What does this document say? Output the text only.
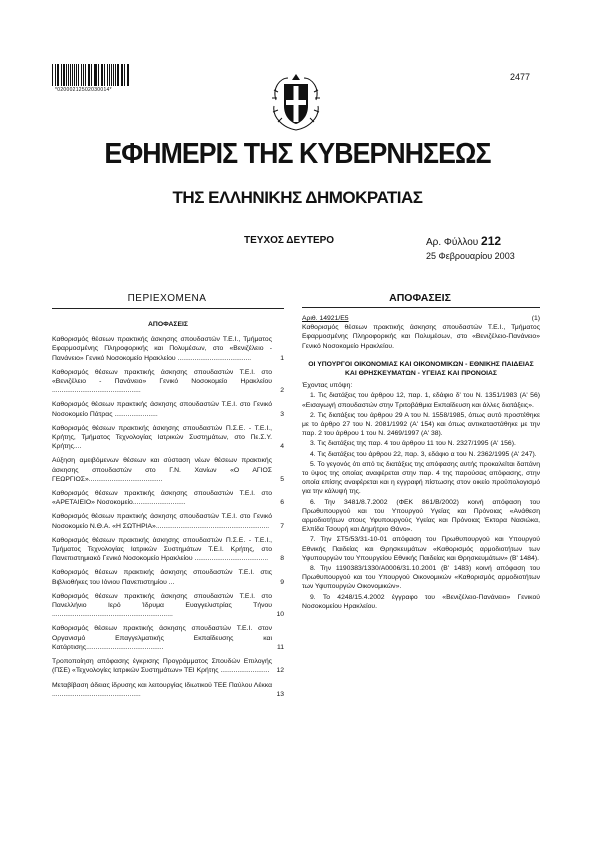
*02000212502030014*
2477
ΕΦΗΜΕΡΙΣ ΤΗΣ ΚΥΒΕΡΝΗΣΕΩΣ
ΤΗΣ ΕΛΛΗΝΙΚΗΣ ΔΗΜΟΚΡΑΤΙΑΣ
ΤΕΥΧΟΣ ΔΕΥΤΕΡΟ	Αρ. Φύλλου 212
25 Φεβρουαρίου 2003
ΠΕΡΙΕΧΟΜΕΝΑ	ΑΠΟΦΑΣΕΙΣ
ΑΠΟΦΑΣΕΙΣ
Καθορισμός θέσεων πρακτικής άσκησης σπουδαστών Τ.Ε.Ι., Τμήματος Εφαρμοσμένης Πληροφορικής και Πολυμέσων, στο «Βενιζέλειο - Πανάνειο» Γενικό Νοσοκομείο Ηρακλείου .......................................	1
Καθορισμός θέσεων πρακτικής άσκησης σπουδαστών Τ.Ε.Ι. στο «Βενιζέλειο - Πανάνειο» Γενικό Νοσοκομείο Ηρακλείου ...............................................	2
Καθορισμός θέσεων πρακτικής άσκησης σπουδαστών Τ.Ε.Ι. στο Γενικό Νοσοκομείο Πάτρας .......................	3
Καθορισμός θέσεων πρακτικής άσκησης σπουδαστών Π.Σ.Ε. - Τ.Ε.Ι., Κρήτης, Τμήματος Τεχνολογίας Ιατρικών Συστημάτων, στο Πε.Σ.Υ. Κρήτης....	4
Αύξηση αμειβόμενων θέσεων και σύσταση νέων θέσεων πρακτικής άσκησης σπουδαστών στο Γ.Ν. Χανίων «Ο ΑΓΙΟΣ ΓΕΩΡΓΙΟΣ».......................................	5
Καθορισμός θέσεων πρακτικής άσκησης σπουδαστών Τ.Ε.Ι. στο «ΑΡΕΤΑΙΕΙΟ» Νοσοκομείο............................	6
Καθορισμός θέσεων πρακτικής άσκησης σπουδαστών Τ.Ε.Ι. στο Γενικό Νοσοκομείο Ν.Θ.Α. «Η ΣΩΤΗΡΙΑ»............................................................	7
Καθορισμός θέσεων πρακτικής άσκησης σπουδαστών Π.Σ.Ε. - Τ.Ε.Ι., Τμήματος Τεχνολογίας Ιατρικών Συστημάτων Τ.Ε.Ι. Κρήτης, στο Πανεπιστημιακό Γενικό Νοσοκομείο Ηρακλείου .......................................	8
Καθορισμός θέσεων πρακτικής άσκησης σπουδαστών Τ.Ε.Ι. στις Βιβλιοθήκες του Ιόνιου Πανεπιστημίου ...	9
Καθορισμός θέσεων πρακτικής άσκησης σπουδαστών Τ.Ε.Ι. στο Πανελλήνιο Ιερό Ίδρυμα Ευαγγελιστρίας Τήνου ................................................................	10
Καθορισμός θέσεων πρακτικής άσκησης σπουδαστών Τ.Ε.Ι. στον Οργανισμό Επαγγελματικής Εκπαίδευσης και Κατάρτισης.........................................	11
Τροποποίηση απόφασης έγκρισης Προγράμματος Σπουδών Επιλογής (ΠΣΕ) «Τεχνολογίες Ιατρικών Συστημάτων» ΤΕΙ Κρήτης ..........................	12
Μεταβίβαση άδειας ίδρυσης και λειτουργίας Ιδιωτικού ΤΕΕ Παύλου Λέκκα ...............................................	13
Αριθ. 14921/Ε5	(1)

Καθορισμός θέσεων πρακτικής άσκησης σπουδαστών Τ.Ε.Ι., Τμήματος Εφαρμοσμένης Πληροφορικής και Πολυμέσων, στο «Βενιζέλειο-Πανάνειο» Γενικό Νοσοκομείο Ηρακλείου.

ΟΙ ΥΠΟΥΡΓΟΙ ΟΙΚΟΝΟΜΙΑΣ ΚΑΙ ΟΙΚΟΝΟΜΙΚΩΝ - ΕΘΝΙΚΗΣ ΠΑΙΔΕΙΑΣ ΚΑΙ ΘΡΗΣΚΕΥΜΑΤΩΝ - ΥΓΕΙΑΣ ΚΑΙ ΠΡΟΝΟΙΑΣ

Έχοντας υπόψη:

1. Τις διατάξεις του άρθρου 12, παρ. 1, εδάφιο δ' του Ν. 1351/1983 (Α' 56) «Εισαγωγή σπουδαστών στην Τριτοβάθμια Εκπαίδευση και άλλες διατάξεις».

2. Τις διατάξεις του άρθρου 29 Α του Ν. 1558/1985, όπως αυτό προστέθηκε με το άρθρο 27 του Ν. 2081/1992 (Α' 154) και όπως αντικαταστάθηκε με την παρ. 2 του άρθρου 1 του Ν. 2469/1997 (Α' 38).

3. Τις διατάξεις της παρ. 4 του άρθρου 11 του Ν. 2327/1995 (Α' 156).

4. Τις διατάξεις του άρθρου 22, παρ. 3, εδάφιο α του Ν. 2362/1995 (Α' 247).

5. Το γεγονός ότι από τις διατάξεις της απόφασης αυτής προκαλείται δαπάνη το ύψος της οποίας αναφέρεται στην παρ. 4 της παρούσας απόφασης, στην οποία επίσης αναφέρεται και η εγγραφή πίστωσης στον οικείο προϋπολογισμό για την κάλυψή της.

6. Την 3481/8.7.2002 (ΦΕΚ 861/Β/2002) κοινή απόφαση του Πρωθυπουργού και του Υπουργού Υγείας και Πρόνοιας «Ανάθεση αρμοδιοτήτων στους Υφυπουργούς Υγείας και Πρόνοιας Έκτορα Νασιώκα, Ελπίδα Τσουρή και Δημήτριο Θάνο».

7. Την ΣΤ5/53/31-10-01 απόφαση του Πρωθυπουργού και Υπουργού Εθνικής Παιδείας και Θρησκευμάτων «Καθορισμός αρμοδιοτήτων των Υφυπουργών του Υπουργείου Εθνικής Παιδείας και Θρησκευμάτων» (Β' 1484).

8. Την 1190383/1330/Α0006/31.10.2001 (Β' 1483) κοινή απόφαση του Πρωθυπουργού και του Υπουργού Οικονομικών «Καθορισμός αρμοδιοτήτων των Υφυπουργών Οικονομικών».

9. Το 4248/15.4.2002 έγγραφο του «Βενιζέλειο-Πανάνειο» Γενικού Νοσοκομείου Ηρακλείου.
